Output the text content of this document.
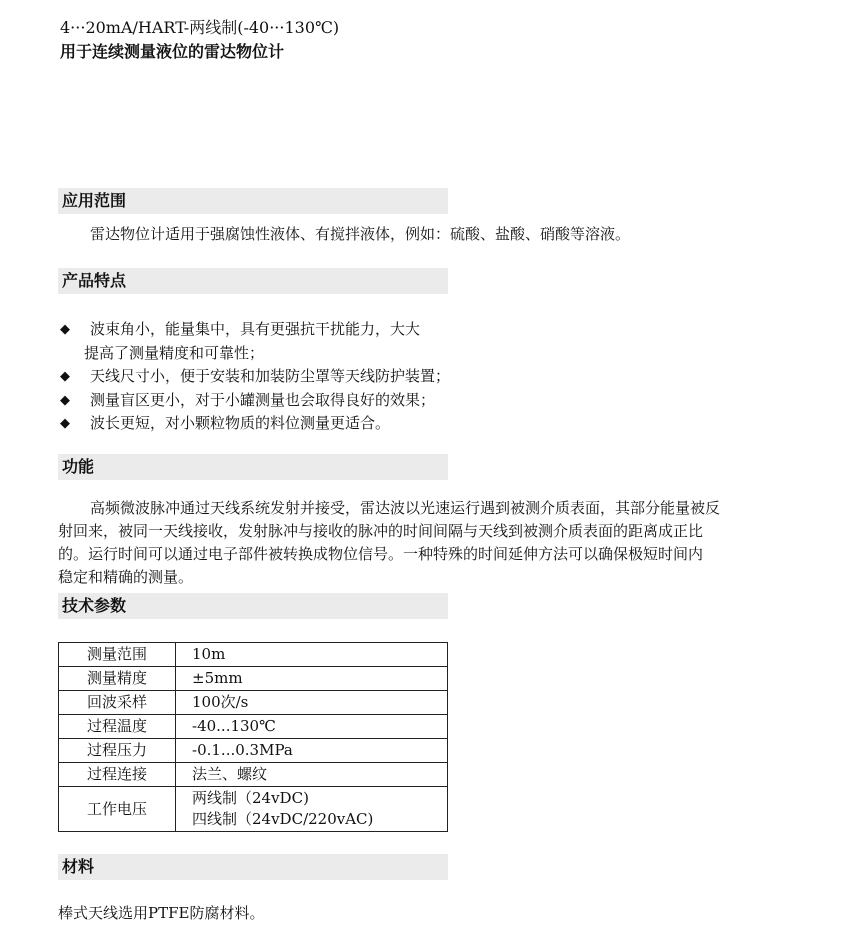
4···20mA/HART-两线制(-40···130℃)
用于连续测量液位的雷达物位计
应用范围
雷达物位计适用于强腐蚀性液体、有搅拌液体，例如：硫酸、盐酸、硝酸等溶液。
产品特点
◆ 波束角小，能量集中，具有更强抗干扰能力，大大
提高了测量精度和可靠性；
◆ 天线尺寸小，便于安装和加装防尘罩等天线防护装置；
◆ 测量盲区更小，对于小罐测量也会取得良好的效果；
◆ 波长更短，对小颗粒物质的料位测量更适合。
功能
高频微波脉冲通过天线系统发射并接受，雷达波以光速运行遇到被测介质表面，其部分能量被反
射回来，被同一天线接收，发射脉冲与接收的脉冲的时间间隔与天线到被测介质表面的距离成正比
的。运行时间可以通过电子部件被转换成物位信号。一种特殊的时间延伸方法可以确保极短时间内
稳定和精确的测量。
技术参数
测量范围	10m
测量精度	±5mm
回波采样	100次/s
过程温度	-40...130℃
过程压力	-0.1...0.3MPa
过程连接	法兰、螺纹
工作电压	两线制（24vDC)
四线制（24vDC/220vAC)
材料
棒式天线选用PTFE防腐材料。
